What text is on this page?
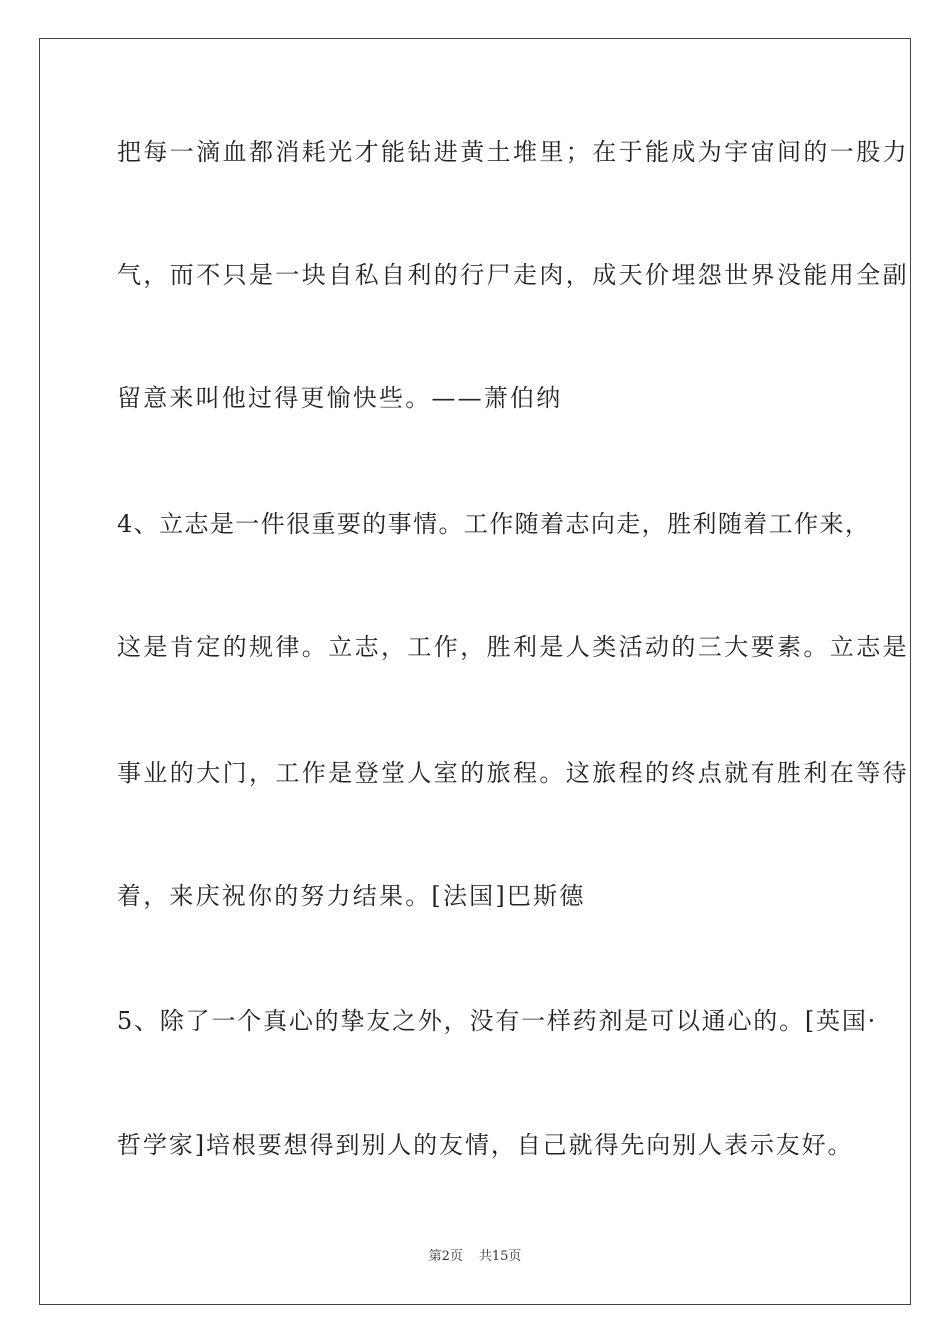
把每一滴血都消耗光才能钻进黄土堆里；在于能成为宇宙间的一股力
气，而不只是一块自私自利的行尸走肉，成天价埋怨世界没能用全副
留意来叫他过得更愉快些。——萧伯纳
4、立志是一件很重要的事情。工作随着志向走，胜利随着工作来，
这是肯定的规律。立志，工作，胜利是人类活动的三大要素。立志是
事业的大门，工作是登堂人室的旅程。这旅程的终点就有胜利在等待
着，来庆祝你的努力结果。[法国]巴斯德
5、除了一个真心的挚友之外，没有一样药剂是可以通心的。[英国·
哲学家]培根要想得到别人的友情，自己就得先向别人表示友好。
第2页 共15页
